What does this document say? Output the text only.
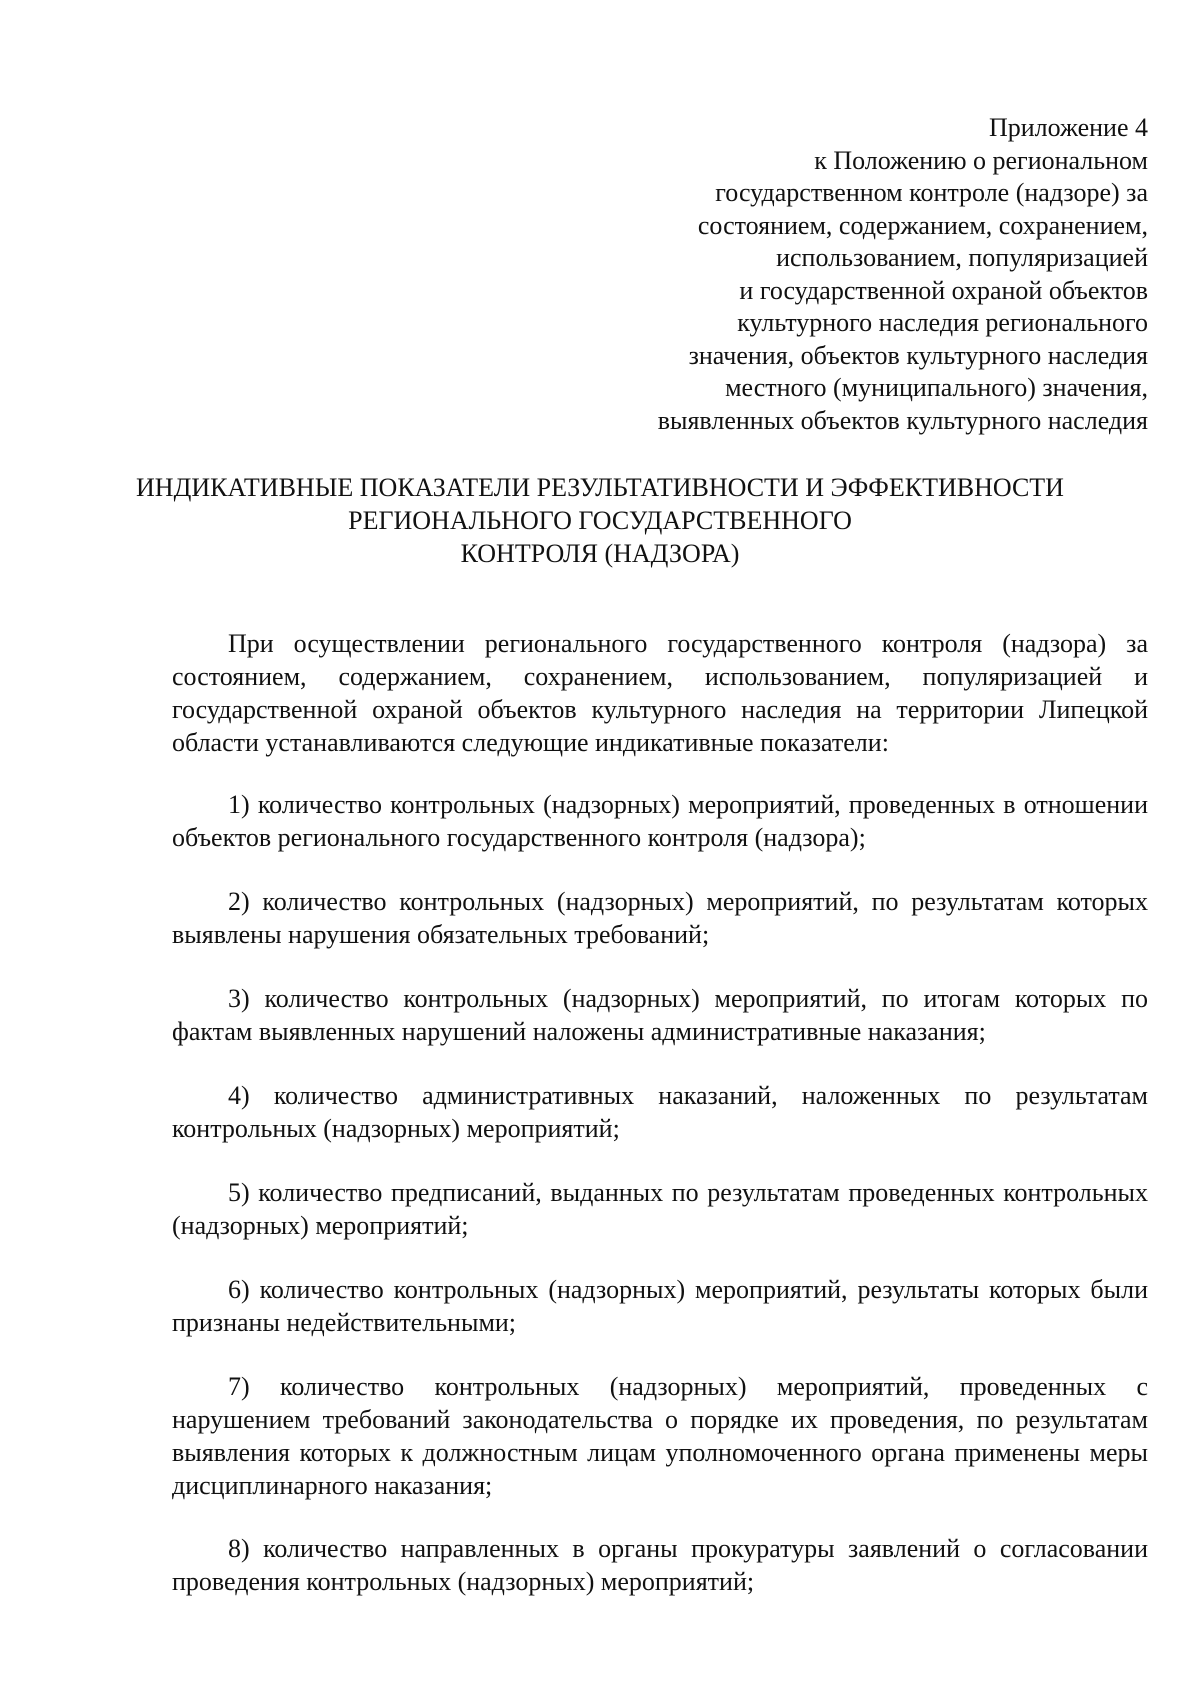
Приложение 4
к Положению о региональном
государственном контроле (надзоре) за
состоянием, содержанием, сохранением,
использованием, популяризацией
и государственной охраной объектов
культурного наследия регионального
значения, объектов культурного наследия
местного (муниципального) значения,
выявленных объектов культурного наследия
ИНДИКАТИВНЫЕ ПОКАЗАТЕЛИ РЕЗУЛЬТАТИВНОСТИ И ЭФФЕКТИВНОСТИ
РЕГИОНАЛЬНОГО ГОСУДАРСТВЕННОГО
КОНТРОЛЯ (НАДЗОРА)

При осуществлении регионального государственного контроля (надзора) за состоянием, содержанием, сохранением, использованием, популяризацией и государственной охраной объектов культурного наследия на территории Липецкой области устанавливаются следующие индикативные показатели:

1) количество контрольных (надзорных) мероприятий, проведенных в отношении объектов регионального государственного контроля (надзора);

2) количество контрольных (надзорных) мероприятий, по результатам которых выявлены нарушения обязательных требований;

3) количество контрольных (надзорных) мероприятий, по итогам которых по фактам выявленных нарушений наложены административные наказания;

4) количество административных наказаний, наложенных по результатам контрольных (надзорных) мероприятий;

5) количество предписаний, выданных по результатам проведенных контрольных (надзорных) мероприятий;

6) количество контрольных (надзорных) мероприятий, результаты которых были признаны недействительными;

7) количество контрольных (надзорных) мероприятий, проведенных с нарушением требований законодательства о порядке их проведения, по результатам выявления которых к должностным лицам уполномоченного органа применены меры дисциплинарного наказания;

8) количество направленных в органы прокуратуры заявлений о согласовании проведения контрольных (надзорных) мероприятий;
